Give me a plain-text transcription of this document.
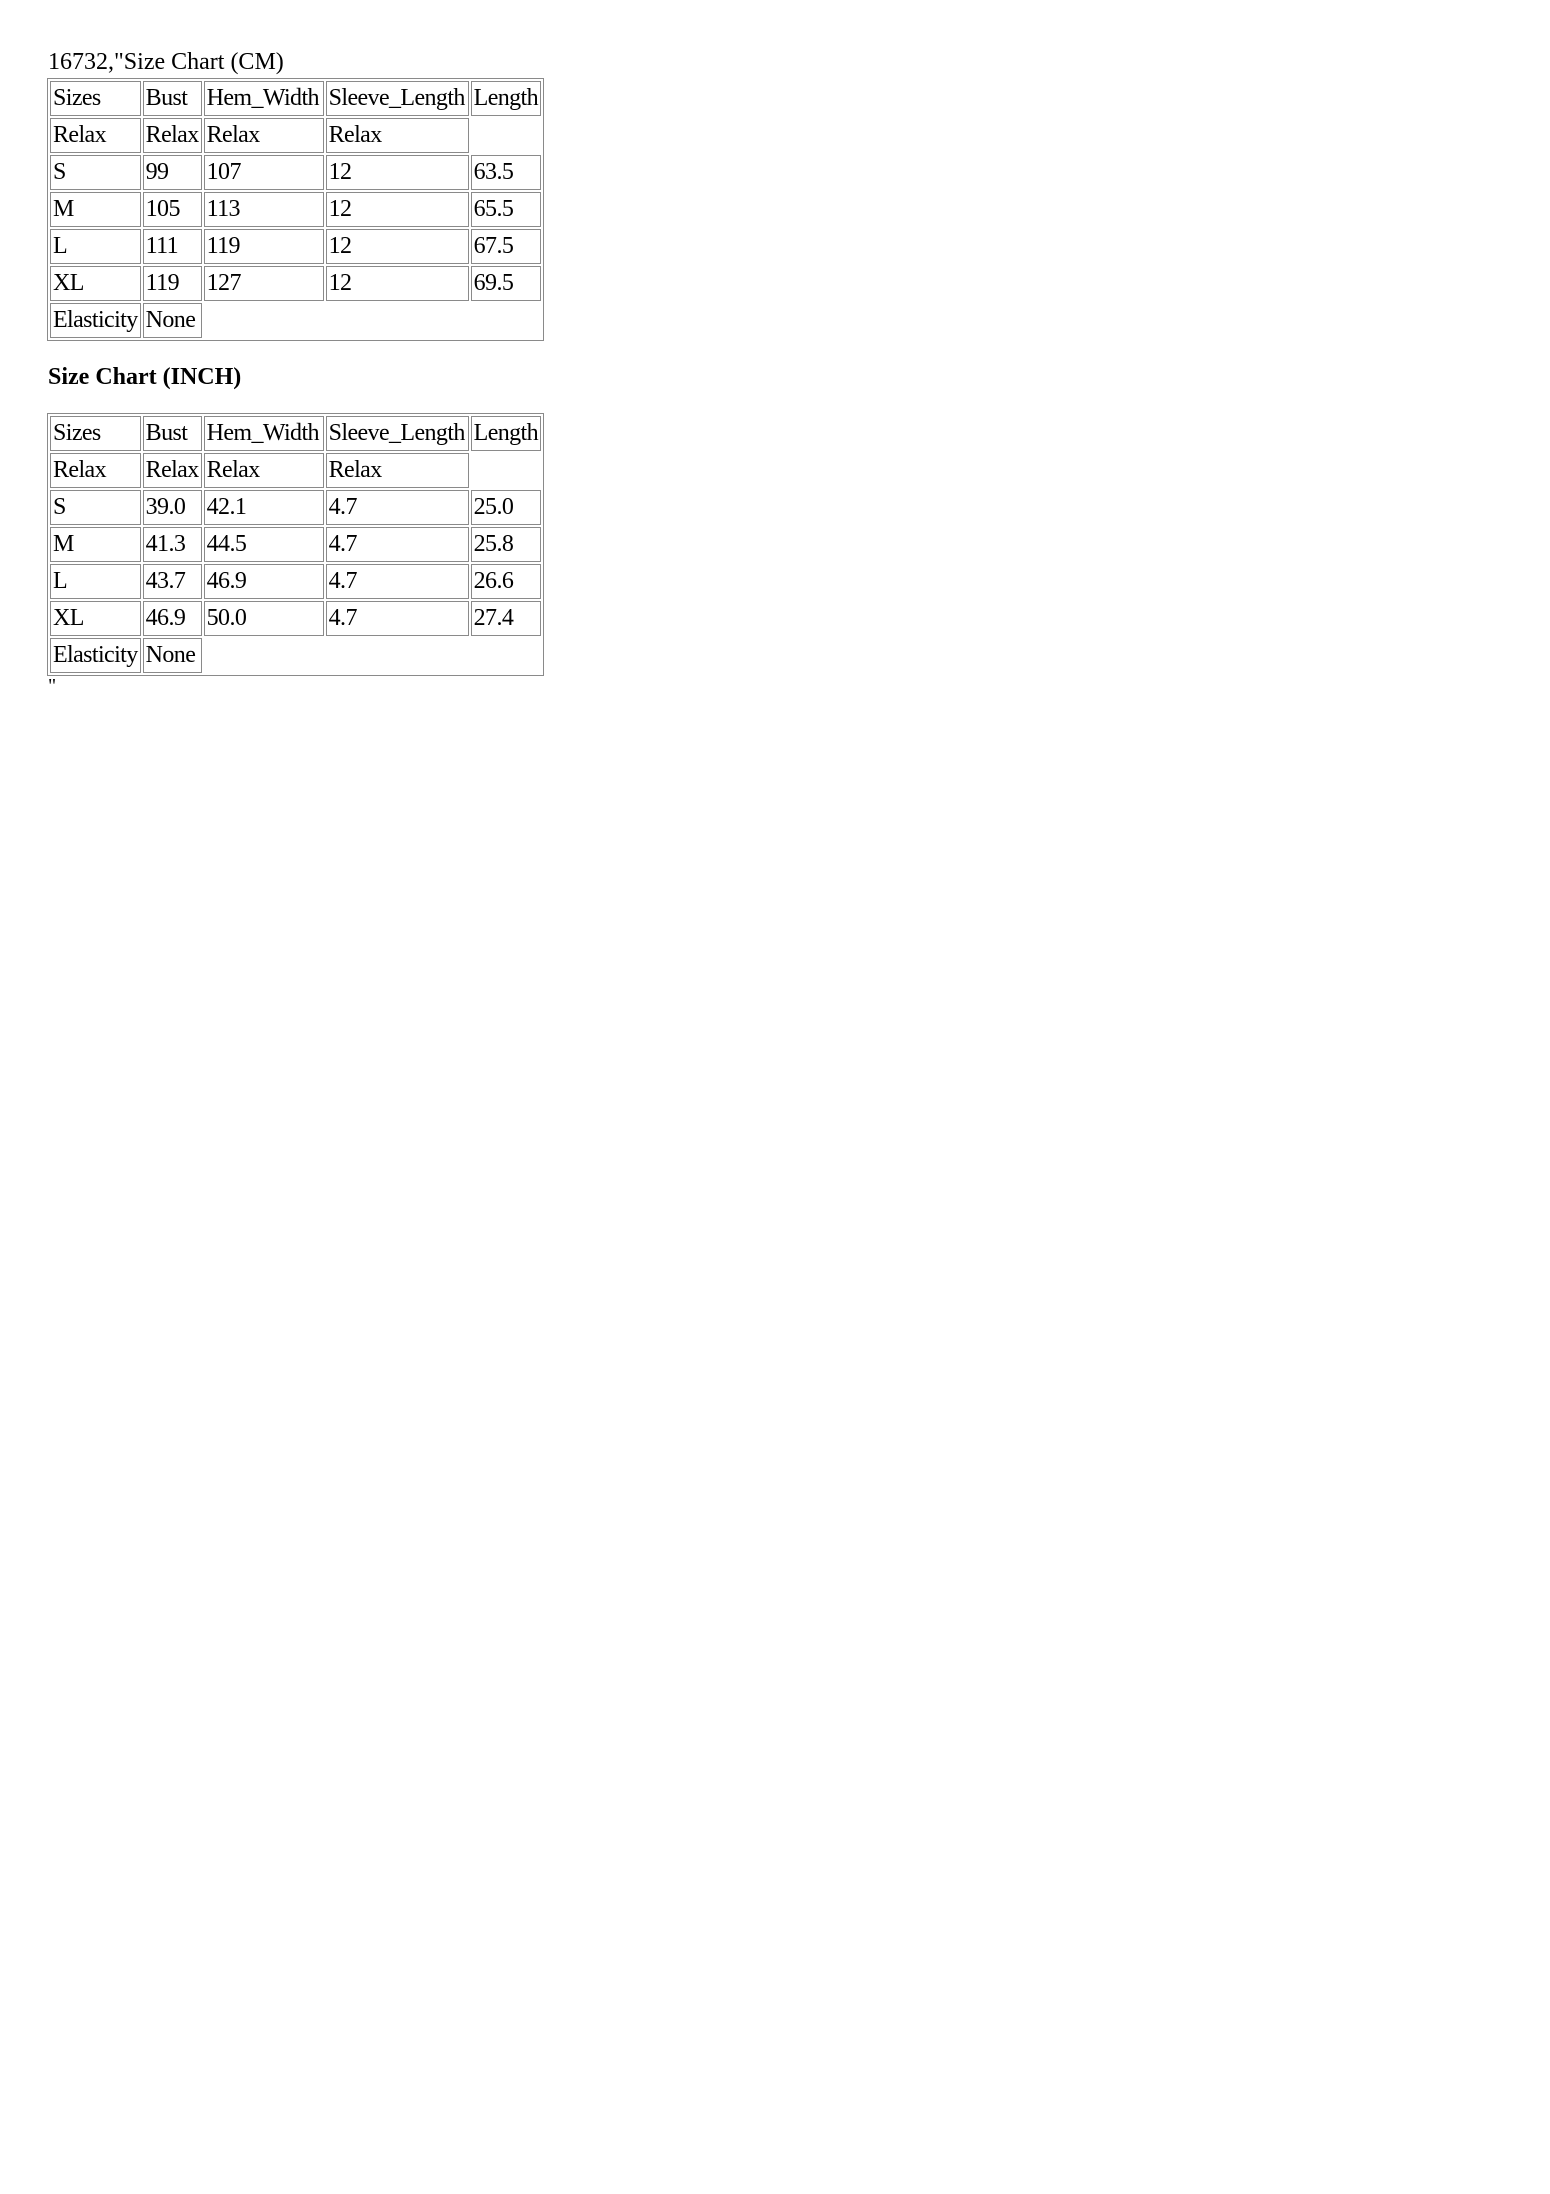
16732,"Size Chart (CM)
Sizes	Bust	Hem_Width	Sleeve_Length	Length
Relax	Relax	Relax	Relax	
S	99	107	12	63.5
M	105	113	12	65.5
L	111	119	12	67.5
XL	119	127	12	69.5
Elasticity	None			
Size Chart (INCH)
Sizes	Bust	Hem_Width	Sleeve_Length	Length
Relax	Relax	Relax	Relax	
S	39.0	42.1	4.7	25.0
M	41.3	44.5	4.7	25.8
L	43.7	46.9	4.7	26.6
XL	46.9	50.0	4.7	27.4
Elasticity	None			
"
